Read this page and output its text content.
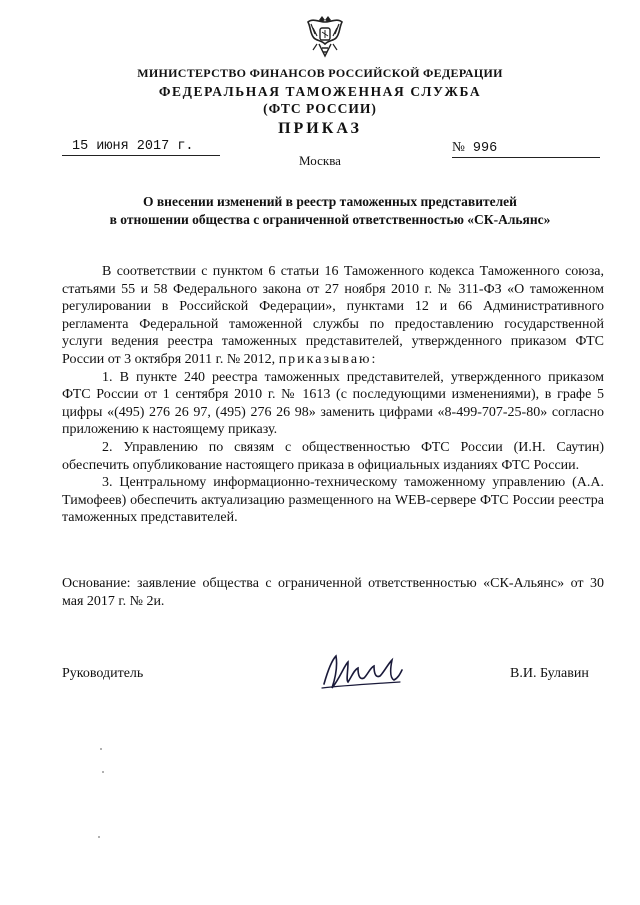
МИНИСТЕРСТВО ФИНАНСОВ РОССИЙСКОЙ ФЕДЕРАЦИИ
ФЕДЕРАЛЬНАЯ ТАМОЖЕННАЯ СЛУЖБА
(ФТС РОССИИ)
ПРИКАЗ
15 июня 2017 г.	№ 996
Москва
О внесении изменений в реестр таможенных представителей
в отношении общества с ограниченной ответственностью «СК-Альянс»

В соответствии с пунктом 6 статьи 16 Таможенного кодекса Таможенного союза, статьями 55 и 58 Федерального закона от 27 ноября 2010 г. № 311-ФЗ «О таможенном регулировании в Российской Федерации», пунктами 12 и 66 Административного регламента Федеральной таможенной службы по предоставлению государственной услуги ведения реестра таможенных представителей, утвержденного приказом ФТС России от 3 октября 2011 г. № 2012, приказываю:

1. В пункте 240 реестра таможенных представителей, утвержденного приказом ФТС России от 1 сентября 2010 г. № 1613 (с последующими изменениями), в графе 5 цифры «(495) 276 26 97, (495) 276 26 98» заменить цифрами «8-499-707-25-80» согласно приложению к настоящему приказу.

2. Управлению по связям с общественностью ФТС России (И.Н. Саутин) обеспечить опубликование настоящего приказа в официальных изданиях ФТС России.

3. Центральному информационно-техническому таможенному управлению (А.А. Тимофеев) обеспечить актуализацию размещенного на WEB-сервере ФТС России реестра таможенных представителей.

Основание: заявление общества с ограниченной ответственностью «СК-Альянс» от 30 мая 2017 г. № 2и.

Руководитель	В.И. Булавин
